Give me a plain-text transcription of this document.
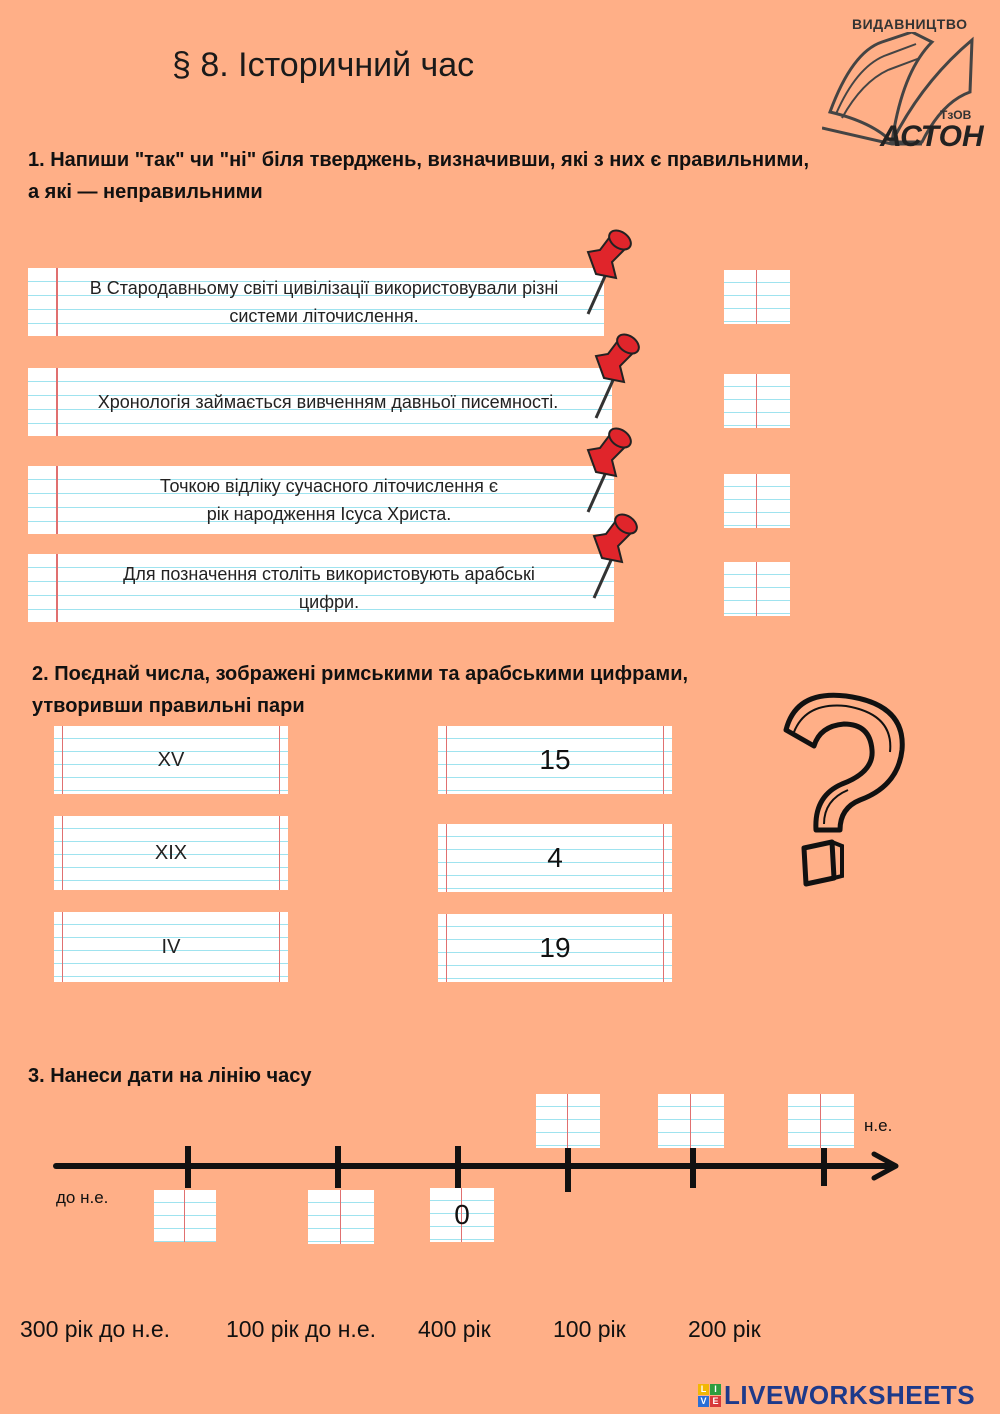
§ 8. Історичний час
ВИДАВНИЦТВО
ТзОВ
АСТОН
1. Напиши "так" чи "ні" біля тверджень, визначивши, які з них є правильними,
а які — неправильними
В Стародавньому світі цивілізації використовували різні системи літочислення.
Хронологія займається вивченням давньої писемності.
Точкою відліку сучасного літочислення є рік народження Ісуса Христа.
Для позначення століть використовують арабські цифри.
2. Поєднай числа, зображені римськими та арабськими цифрами,
утворивши правильні пари
XV
XIX
IV
15
4
19
3. Нанеси дати на лінію часу
до н.е.
н.е.
0
300 рік до н.е. 100 рік до н.е. 400 рік	100 рік	200 рік
L I
V E LIVEWORKSHEETS
